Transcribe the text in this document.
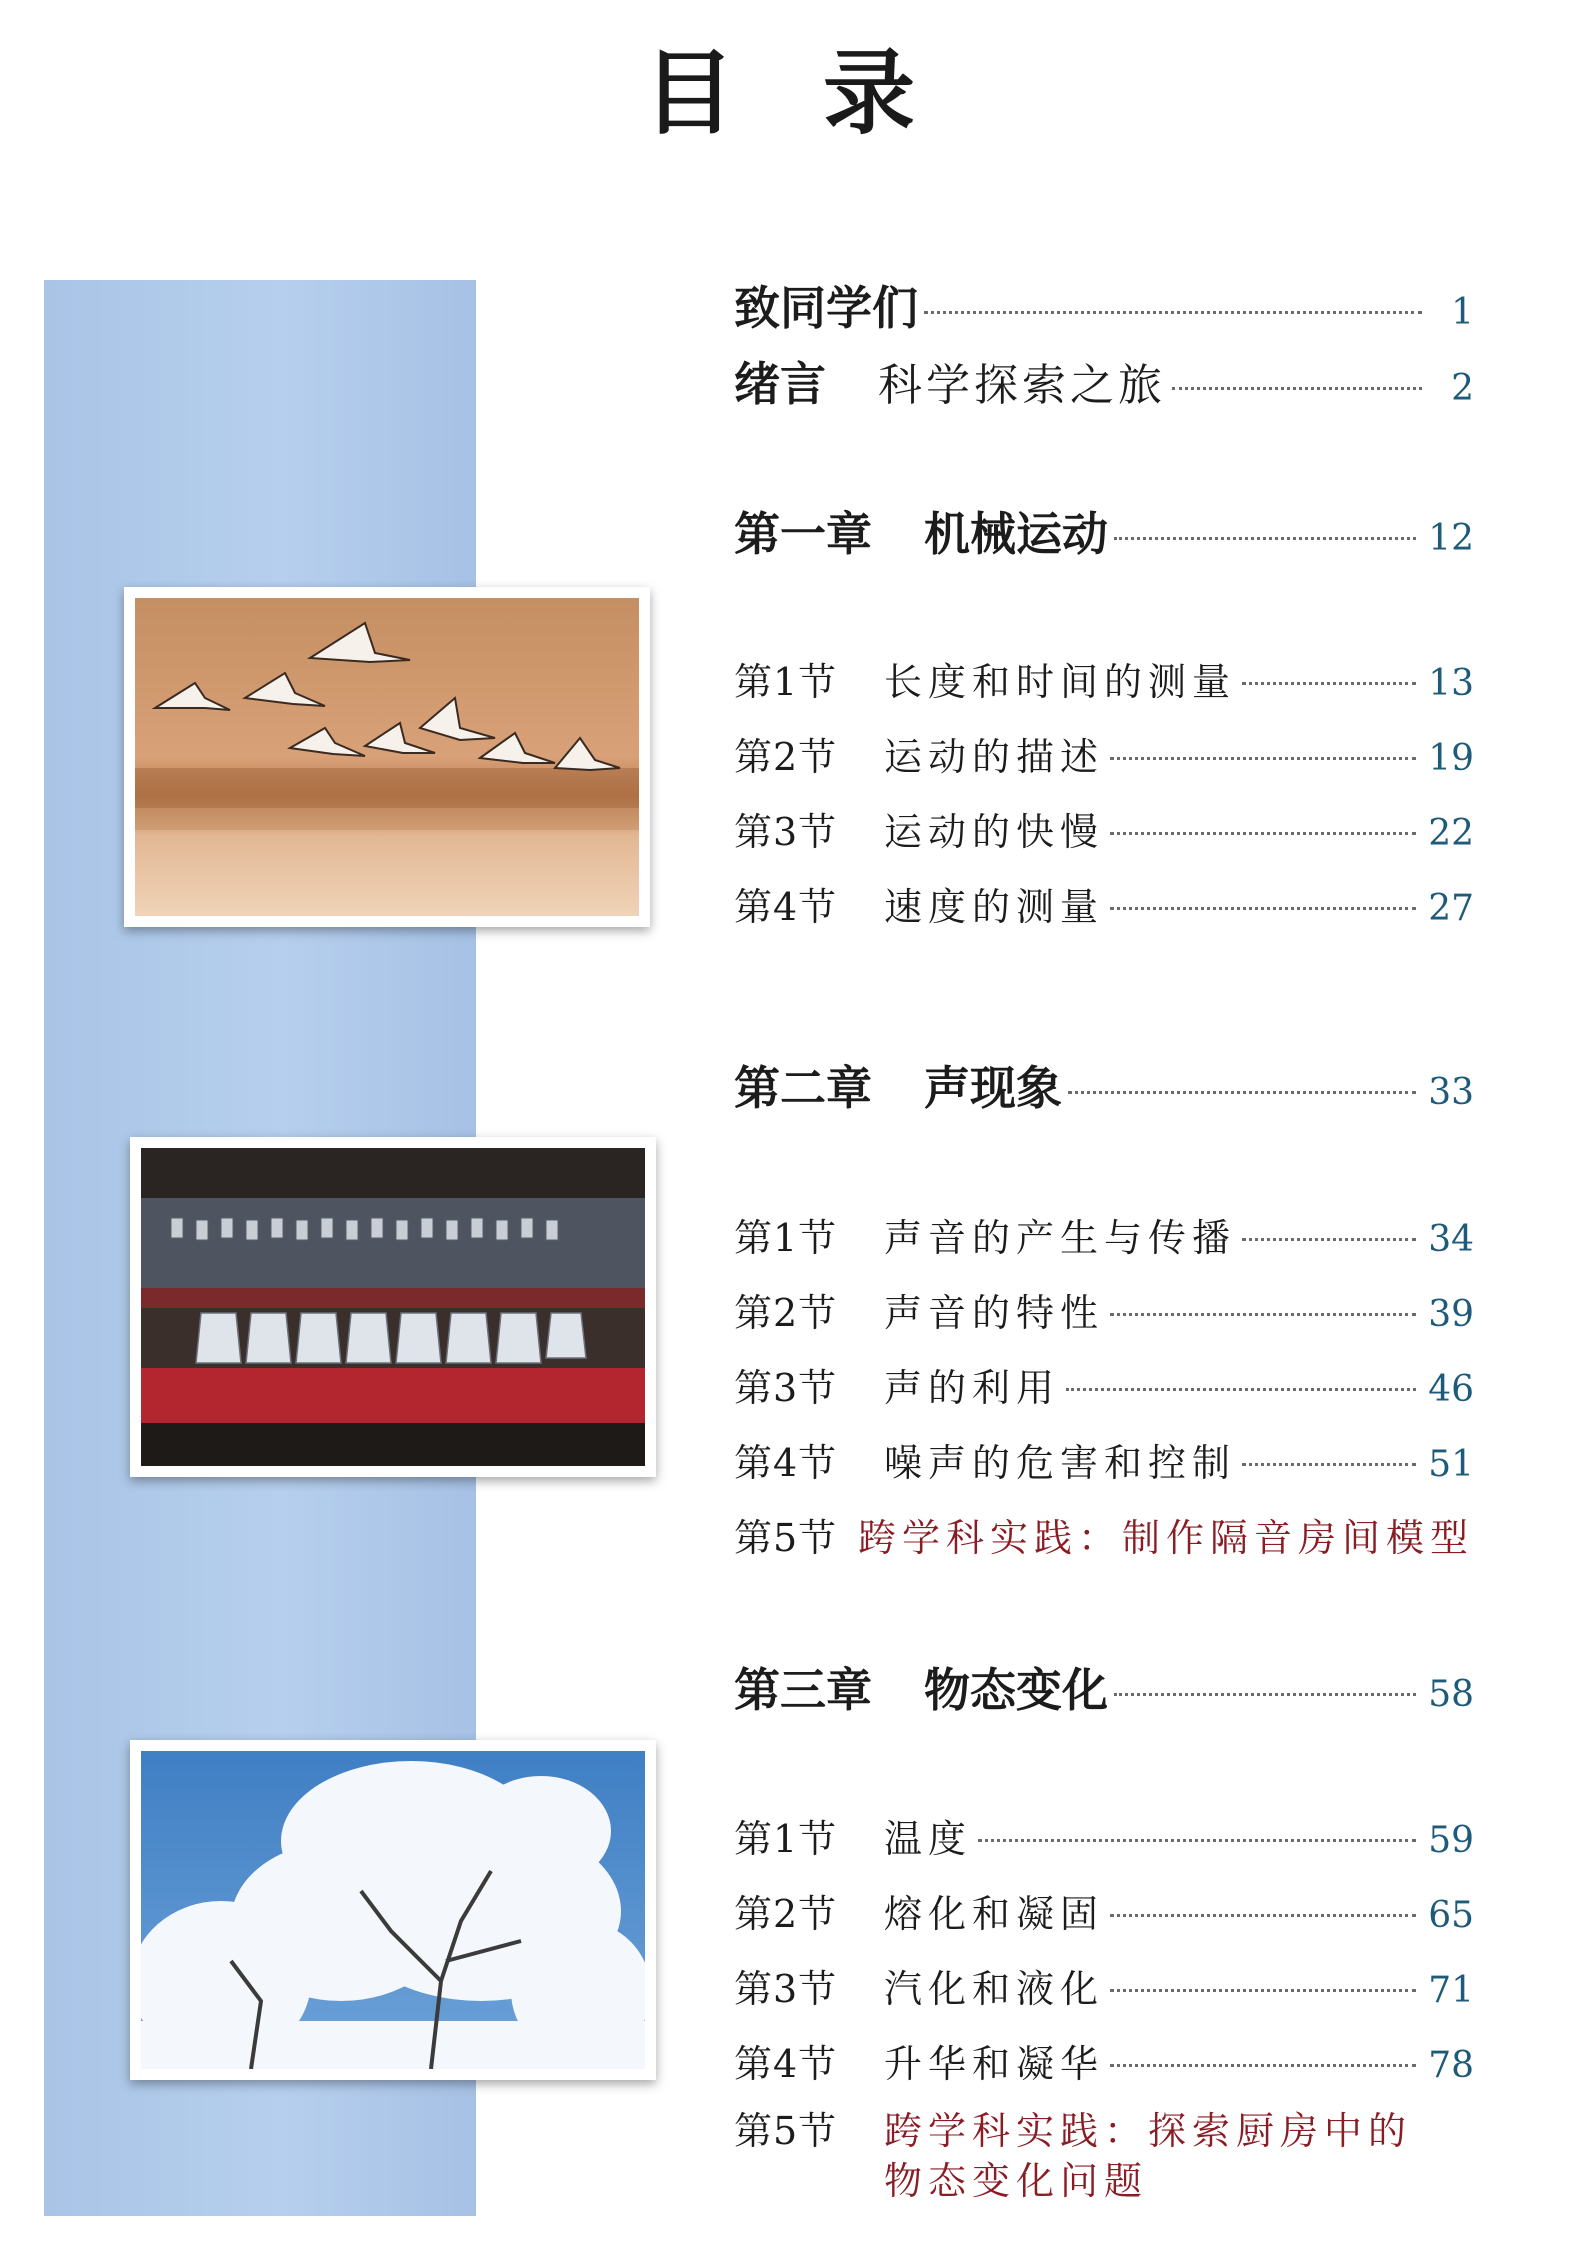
目 录
致同学们	1
绪言 科学探索之旅	2
第一章 机械运动	12
第1节	长度和时间的测量	13
第2节	运动的描述	19
第3节	运动的快慢	22
第4节	速度的测量	27
第二章 声现象	33
第1节	声音的产生与传播	34
第2节	声音的特性	39
第3节	声的利用	46
第4节	噪声的危害和控制	51
第5节 跨学科实践：制作隔音房间模型
第三章 物态变化	58
第1节	温度	59
第2节	熔化和凝固	65
第3节	汽化和液化	71
第4节	升华和凝华	78
第5节	跨学科实践：探索厨房中的
物态变化问题
